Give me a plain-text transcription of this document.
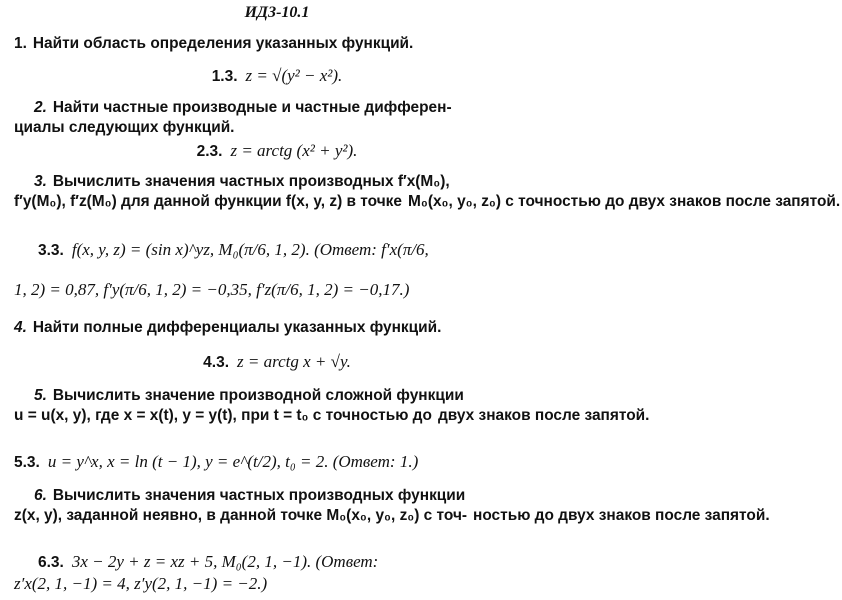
ИДЗ-10.1
1. Найти область определения указанных функций.
1.3. z = √(y² − x²).
2. Найти частные производные и частные дифферен-
циалы следующих функций.
2.3. z = arctg (x² + y²).
3. Вычислить значения частных производных f′x(M₀),
f′y(M₀), f′z(M₀) для данной функции f(x, y, z) в точке M₀(x₀, y₀, z₀) с точностью до двух знаков после запятой.
3.3. f(x, y, z) = (sin x)^yz, M₀(π/6, 1, 2). (Ответ: f′x(π/6,
1, 2) = 0,87, f′y(π/6, 1, 2) = −0,35, f′z(π/6, 1, 2) = −0,17.)
4. Найти полные дифференциалы указанных функций.
4.3. z = arctg x + √y.
5. Вычислить значение производной сложной функции
u = u(x, y), где x = x(t), y = y(t), при t = t₀ с точностью до двух знаков после запятой.
5.3. u = y^x, x = ln (t − 1), y = e^(t/2), t₀ = 2. (Ответ: 1.)
6. Вычислить значения частных производных функции
z(x, y), заданной неявно, в данной точке M₀(x₀, y₀, z₀) с точ- ностью до двух знаков после запятой.
6.3. 3x − 2y + z = xz + 5, M₀(2, 1, −1). (Ответ:
z′x(2, 1, −1) = 4, z′y(2, 1, −1) = −2.)
